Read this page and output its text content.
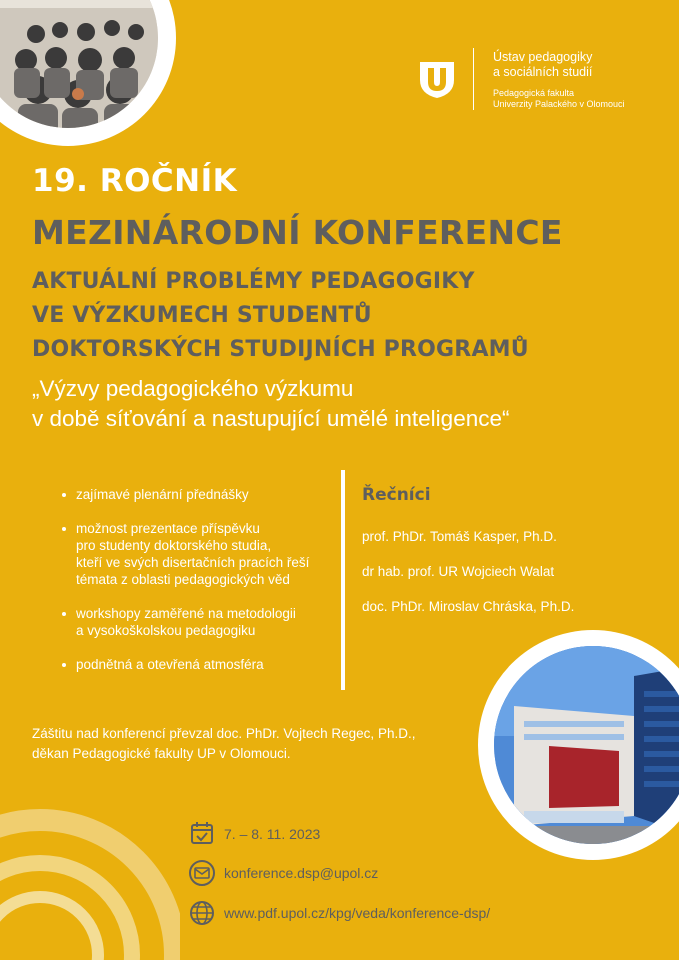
Ústav pedagogiky
a sociálních studií
Pedagogická fakulta
Univerzity Palackého v Olomouci
19. ROČNÍK
MEZINÁRODNÍ KONFERENCE
AKTUÁLNÍ PROBLÉMY PEDAGOGIKY
VE VÝZKUMECH STUDENTŮ
DOKTORSKÝCH STUDIJNÍCH PROGRAMŮ
„Výzvy pedagogického výzkumu
v době síťování a nastupující umělé inteligence“
zajímavé plenární přednášky
možnost prezentace příspěvku
pro studenty doktorského studia,
kteří ve svých disertačních pracích řeší
témata z oblasti pedagogických věd
workshopy zaměřené na metodologii
a vysokoškolskou pedagogiku
podnětná a otevřená atmosféra
Řečníci
prof. PhDr. Tomáš Kasper, Ph.D.
dr hab. prof. UR Wojciech Walat
doc. PhDr. Miroslav Chráska, Ph.D.
Záštitu nad konferencí převzal doc. PhDr. Vojtech Regec, Ph.D.,
děkan Pedagogické fakulty UP v Olomouci.
7. – 8. 11. 2023
konference.dsp@upol.cz
www.pdf.upol.cz/kpg/veda/konference-dsp/
